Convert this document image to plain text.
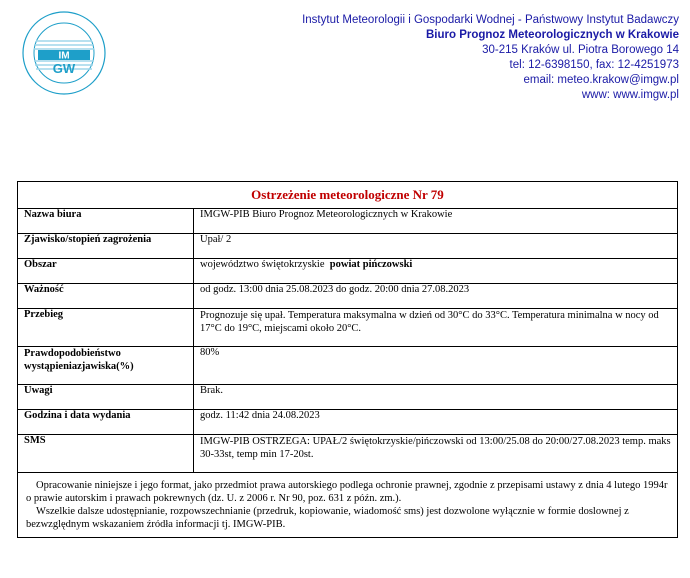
IM
GW
Instytut Meteorologii i Gospodarki Wodnej - Państwowy Instytut Badawczy
Biuro Prognoz Meteorologicznych w Krakowie
30-215 Kraków ul. Piotra Borowego 14
tel: 12-6398150, fax: 12-4251973
email: meteo.krakow@imgw.pl
www: www.imgw.pl
Ostrzeżenie meteorologiczne Nr 79	
Nazwa biura	IMGW-PIB Biuro Prognoz Meteorologicznych w Krakowie
Zjawisko/stopień zagrożenia	Upał/ 2
Obszar	województwo świętokrzyskie powiat pińczowski
Ważność	od godz. 13:00 dnia 25.08.2023 do godz. 20:00 dnia 27.08.2023
Przebieg	Prognozuje się upał. Temperatura maksymalna w dzień od 30°C do 33°C. Temperatura minimalna w nocy od 17°C do 19°C, miejscami około 20°C.

Prawdopodobieństwo wystąpieniazjawiska(%)	80%
Uwagi	Brak.
Godzina i data wydania	godz. 11:42 dnia 24.08.2023
SMS	IMGW-PIB OSTRZEGA: UPAŁ/2 świętokrzyskie/pińczowski od 13:00/25.08 do 20:00/27.08.2023 temp. maks 30-33st, temp min 17-20st.

Opracowanie niniejsze i jego format, jako przedmiot prawa autorskiego podlega ochronie prawnej, zgodnie z przepisami ustawy z dnia 4 lutego 1994r o prawie autorskim i prawach pokrewnych (dz. U. z 2006 r. Nr 90, poz. 631 z późn. zm.).
Wszelkie dalsze udostępnianie, rozpowszechnianie (przedruk, kopiowanie, wiadomość sms) jest dozwolone wyłącznie w formie doslownej z bezwzględnym wskazaniem źródła informacji tj. IMGW-PIB.	
